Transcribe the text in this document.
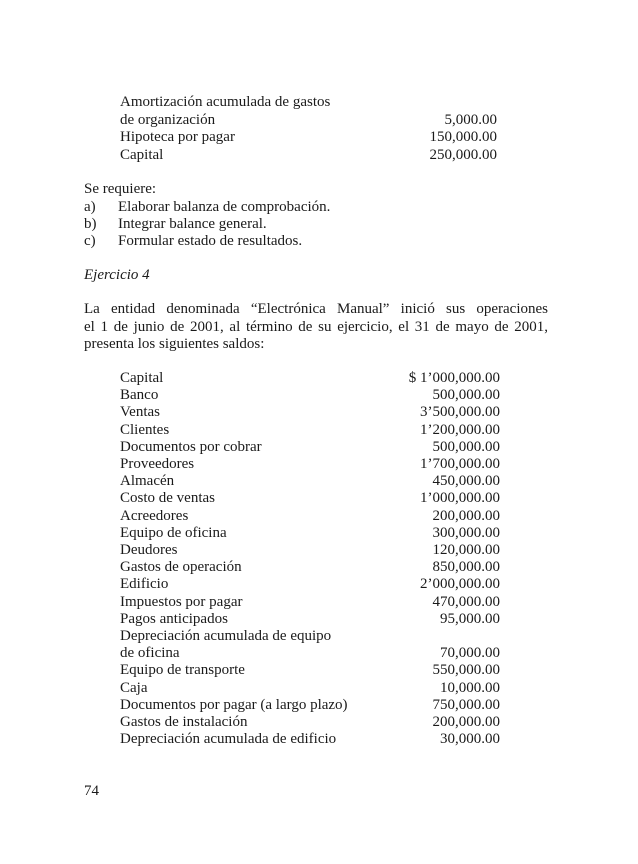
Amortización acumulada de gastos
de organización	5,000.00
Hipoteca por pagar	150,000.00
Capital	250,000.00
Se requiere:
a) Elaborar balanza de comprobación.
b) Integrar balance general.
c) Formular estado de resultados.
Ejercicio 4
La entidad denominada “Electrónica Manual” inició sus operaciones
el 1 de junio de 2001, al término de su ejercicio, el 31 de mayo de 2001,
presenta los siguientes saldos:
Capital	$ 1’000,000.00
Banco	500,000.00
Ventas	3’500,000.00
Clientes	1’200,000.00
Documentos por cobrar	500,000.00
Proveedores	1’700,000.00
Almacén	450,000.00
Costo de ventas	1’000,000.00
Acreedores	200,000.00
Equipo de oficina	300,000.00
Deudores	120,000.00
Gastos de operación	850,000.00
Edificio	2’000,000.00
Impuestos por pagar	470,000.00
Pagos anticipados	95,000.00
Depreciación acumulada de equipo
de oficina	70,000.00
Equipo de transporte	550,000.00
Caja	10,000.00
Documentos por pagar (a largo plazo)	750,000.00
Gastos de instalación	200,000.00
Depreciación acumulada de edificio	30,000.00
74
